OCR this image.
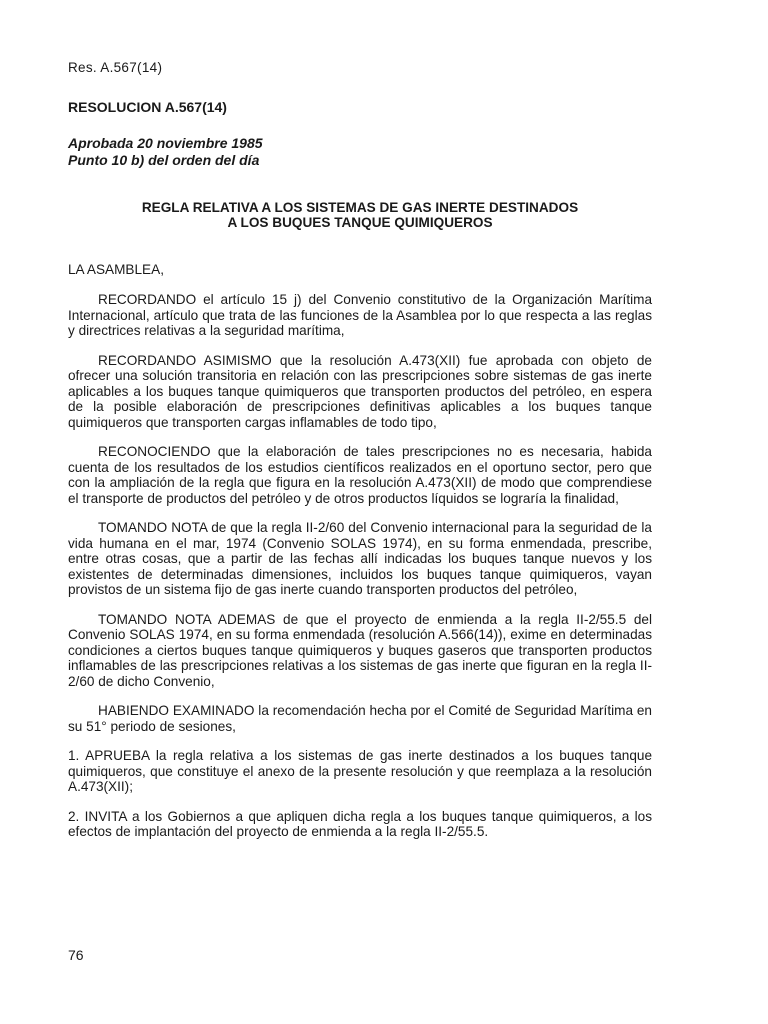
Res. A.567(14)
RESOLUCION A.567(14)
Aprobada 20 noviembre 1985
Punto 10 b) del orden del día
REGLA RELATIVA A LOS SISTEMAS DE GAS INERTE DESTINADOS
A LOS BUQUES TANQUE QUIMIQUEROS
LA ASAMBLEA,

RECORDANDO el artículo 15 j) del Convenio constitutivo de la Organización Marítima Internacional, artículo que trata de las funciones de la Asamblea por lo que respecta a las reglas y directrices relativas a la seguridad marítima,

RECORDANDO ASIMISMO que la resolución A.473(XII) fue aprobada con objeto de ofrecer una solución transitoria en relación con las prescripciones sobre sistemas de gas inerte aplicables a los buques tanque quimiqueros que transporten productos del petróleo, en espera de la posible elaboración de prescripciones definitivas aplicables a los buques tanque quimiqueros que transporten cargas inflamables de todo tipo,

RECONOCIENDO que la elaboración de tales prescripciones no es necesaria, habida cuenta de los resultados de los estudios científicos realizados en el oportuno sector, pero que con la ampliación de la regla que figura en la resolución A.473(XII) de modo que comprendiese el transporte de productos del petróleo y de otros productos líquidos se lograría la finalidad,

TOMANDO NOTA de que la regla II-2/60 del Convenio internacional para la seguridad de la vida humana en el mar, 1974 (Convenio SOLAS 1974), en su forma enmendada, prescribe, entre otras cosas, que a partir de las fechas allí indicadas los buques tanque nuevos y los existentes de determinadas dimensiones, incluidos los buques tanque quimiqueros, vayan provistos de un sistema fijo de gas inerte cuando transporten productos del petróleo,

TOMANDO NOTA ADEMAS de que el proyecto de enmienda a la regla II-2/55.5 del Convenio SOLAS 1974, en su forma enmendada (resolución A.566(14)), exime en determinadas condiciones a ciertos buques tanque quimiqueros y buques gaseros que transporten productos inflamables de las prescripciones relativas a los sistemas de gas inerte que figuran en la regla II-2/60 de dicho Convenio,

HABIENDO EXAMINADO la recomendación hecha por el Comité de Seguridad Marítima en su 51° periodo de sesiones,

1. APRUEBA la regla relativa a los sistemas de gas inerte destinados a los buques tanque quimiqueros, que constituye el anexo de la presente resolución y que reemplaza a la resolución A.473(XII);

2. INVITA a los Gobiernos a que apliquen dicha regla a los buques tanque quimiqueros, a los efectos de implantación del proyecto de enmienda a la regla II-2/55.5.

76
